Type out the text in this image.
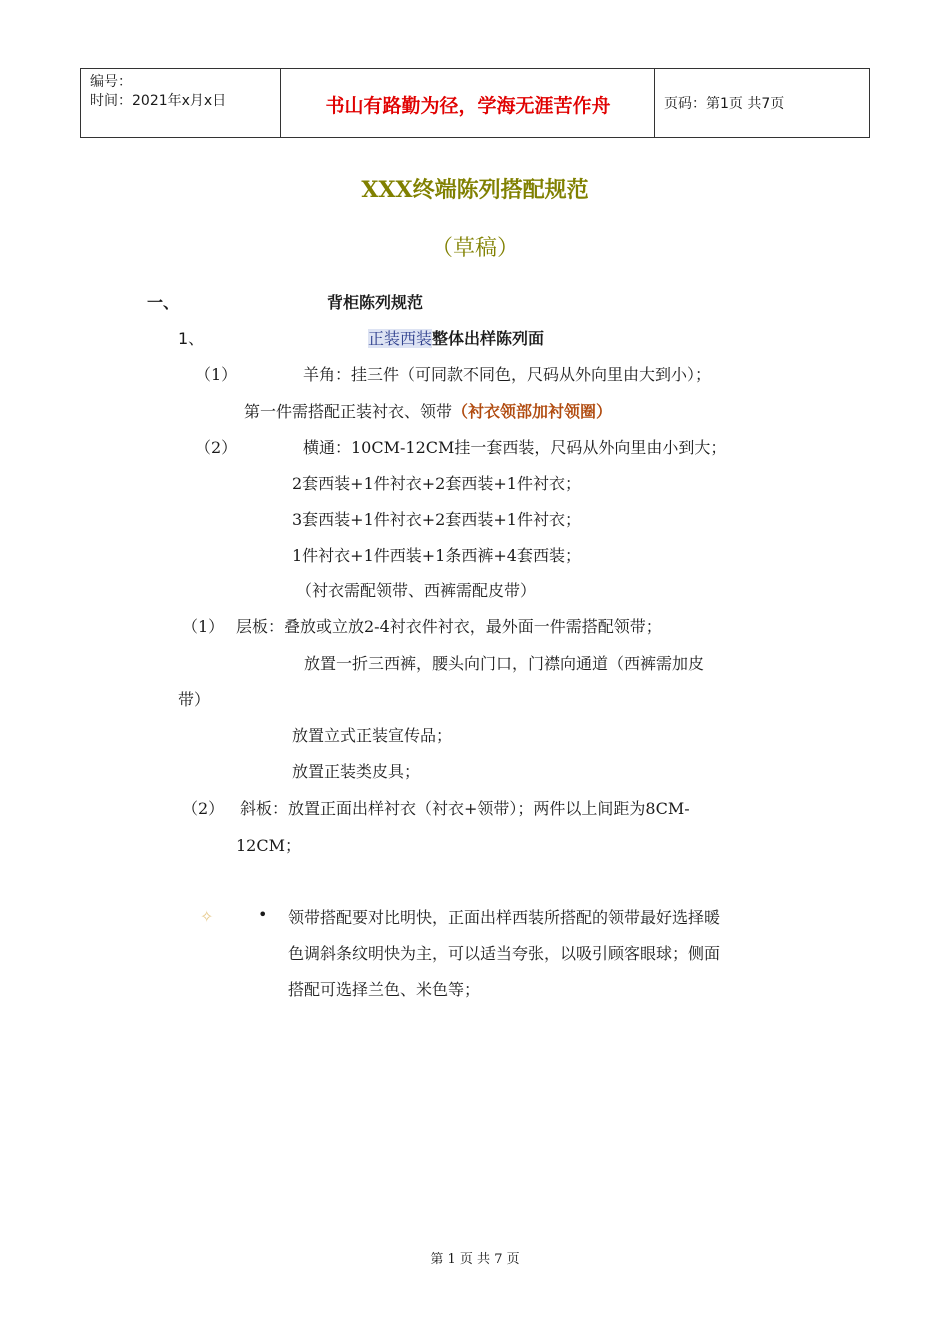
编号：
时间：2021年x月x日	书山有路勤为径，学海无涯苦作舟	页码：第1页 共7页
XXX终端陈列搭配规范
（草稿）
一、	背柜陈列规范
1、	正装西装整体出样陈列面
（1）	羊角：挂三件（可同款不同色，尺码从外向里由大到小）；
第一件需搭配正装衬衣、领带（衬衣领部加衬领圈）
（2）	横通：10CM-12CM挂一套西装，尺码从外向里由小到大；
2套西装+1件衬衣+2套西装+1件衬衣；
3套西装+1件衬衣+2套西装+1件衬衣；
1件衬衣+1件西装+1条西裤+4套西装；
（衬衣需配领带、西裤需配皮带）
（1） 层板：叠放或立放2-4衬衣件衬衣，最外面一件需搭配领带；
放置一折三西裤，腰头向门口，门襟向通道（西裤需加皮
带）
放置立式正装宣传品；
放置正装类皮具；
（2） 斜板：放置正面出样衬衣（衬衣+领带）；两件以上间距为8CM-
12CM；
✧	• 领带搭配要对比明快，正面出样西装所搭配的领带最好选择暖
色调斜条纹明快为主，可以适当夸张，以吸引顾客眼球；侧面
搭配可选择兰色、米色等；
第 1 页 共 7 页
